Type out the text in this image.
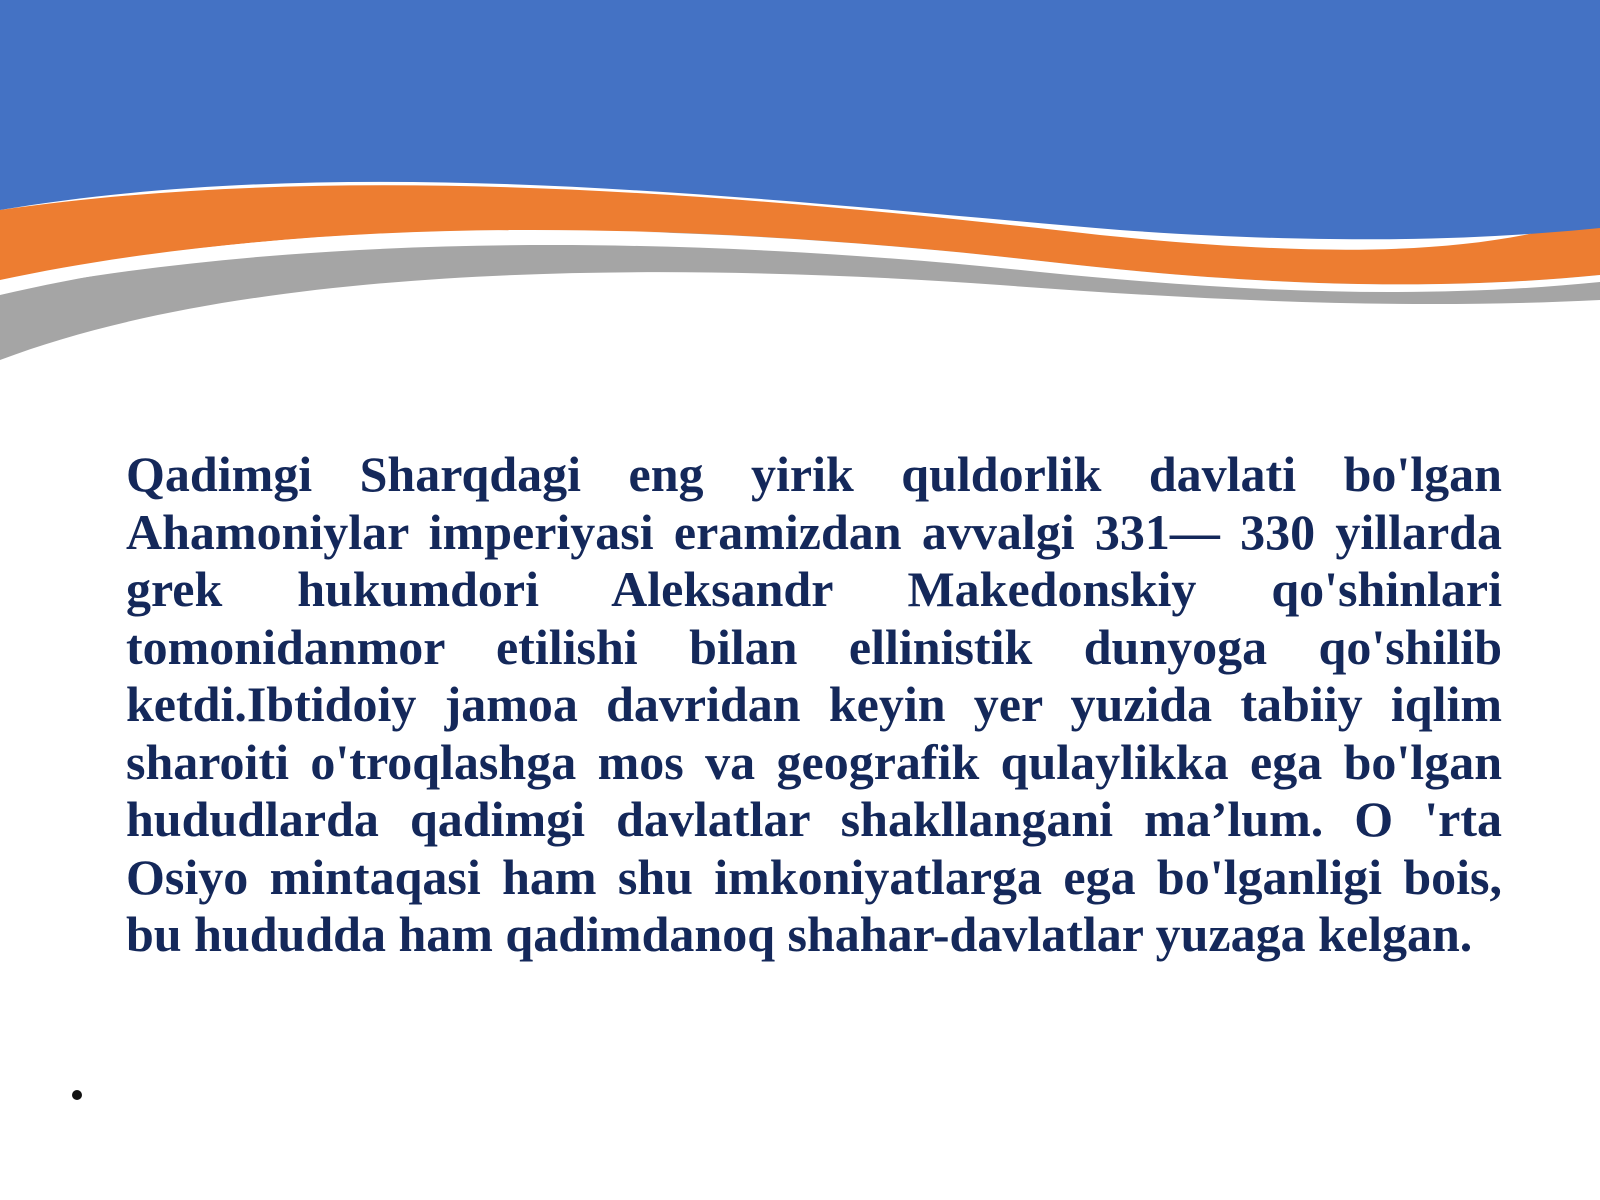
Qadimgi Sharqdagi eng yirik quldorlik davlati bo'lgan Ahamoniylar imperiyasi eramizdan avvalgi 331— 330 yillarda grek hukumdori Aleksandr Makedonskiy qo'shinlari tomonidanmor etilishi bilan ellinistik dunyoga qo'shilib ketdi.Ibtidoiy jamoa davridan keyin yer yuzida tabiiy iqlim sharoiti o'troqlashga mos va geografik qulaylikka ega bo'lgan hududlarda qadimgi davlatlar shakllangani ma’lum. O 'rta Osiyo mintaqasi ham shu imkoniyatlarga ega bo'lganligi bois, bu hududda ham qadimdanoq shahar-davlatlar yuzaga kelgan.
